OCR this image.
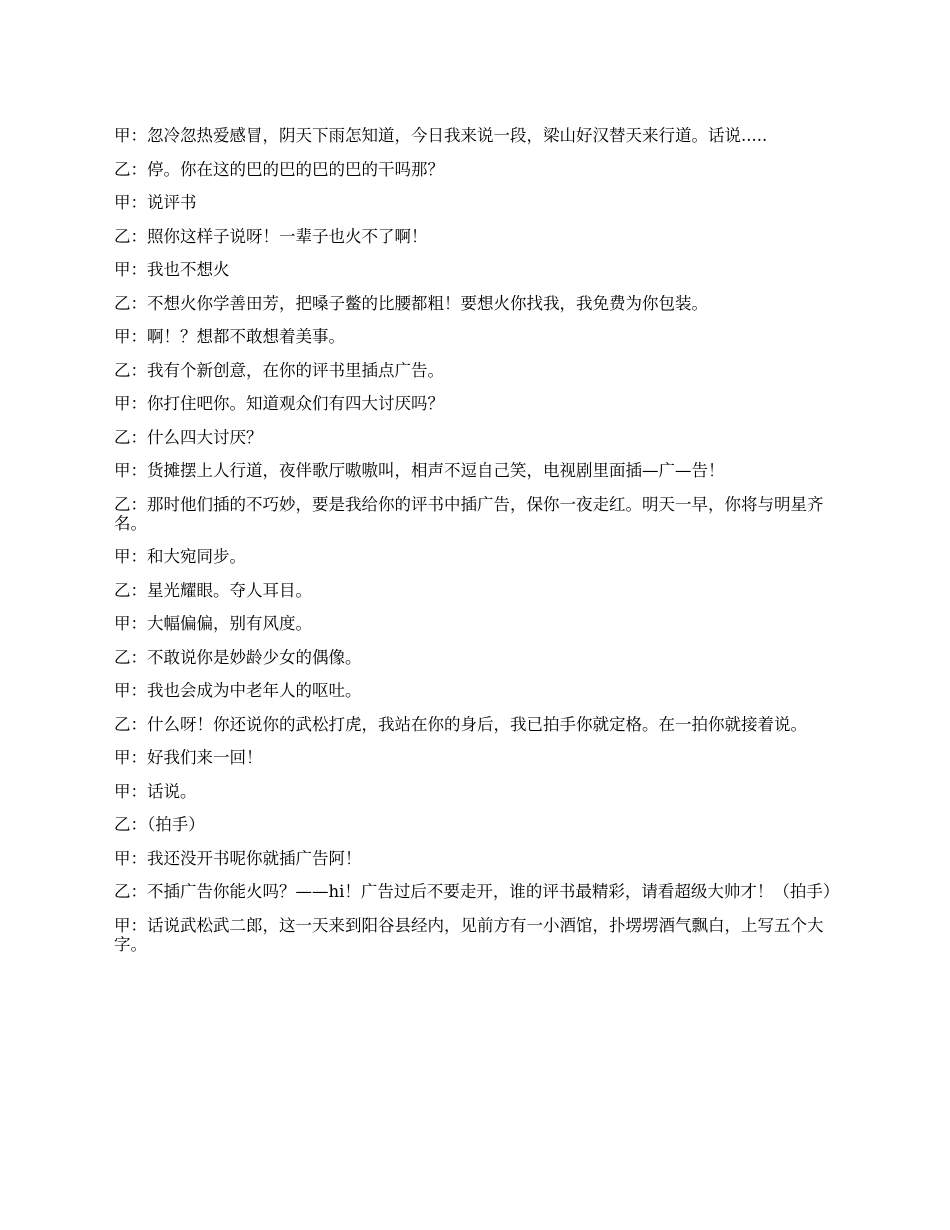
甲：忽冷忽热爱感冒，阴天下雨怎知道，今日我来说一段，梁山好汉替天来行道。话说.....

乙：停。你在这的巴的巴的巴的巴的干吗那？

甲：说评书

乙：照你这样子说呀！一辈子也火不了啊！

甲：我也不想火

乙：不想火你学善田芳，把嗓子鳖的比腰都粗！要想火你找我，我免费为你包装。

甲：啊！？想都不敢想着美事。

乙：我有个新创意，在你的评书里插点广告。

甲：你打住吧你。知道观众们有四大讨厌吗？

乙：什么四大讨厌？

甲：货摊摆上人行道，夜伴歌厅嗷嗷叫，相声不逗自己笑，电视剧里面插—广—告！

乙：那时他们插的不巧妙，要是我给你的评书中插广告，保你一夜走红。明天一早，你将与明星齐名。

甲：和大宛同步。

乙：星光耀眼。夺人耳目。

甲：大幅偏偏，别有风度。

乙：不敢说你是妙龄少女的偶像。

甲：我也会成为中老年人的呕吐。

乙：什么呀！你还说你的武松打虎，我站在你的身后，我已拍手你就定格。在一拍你就接着说。

甲：好我们来一回！

甲：话说。

乙：（拍手）

甲：我还没开书呢你就插广告阿！

乙：不插广告你能火吗？——hi！广告过后不要走开，谁的评书最精彩，请看超级大帅才！（拍手）

甲：话说武松武二郎，这一天来到阳谷县经内，见前方有一小酒馆，扑塄塄酒气飘白，上写五个大字。
